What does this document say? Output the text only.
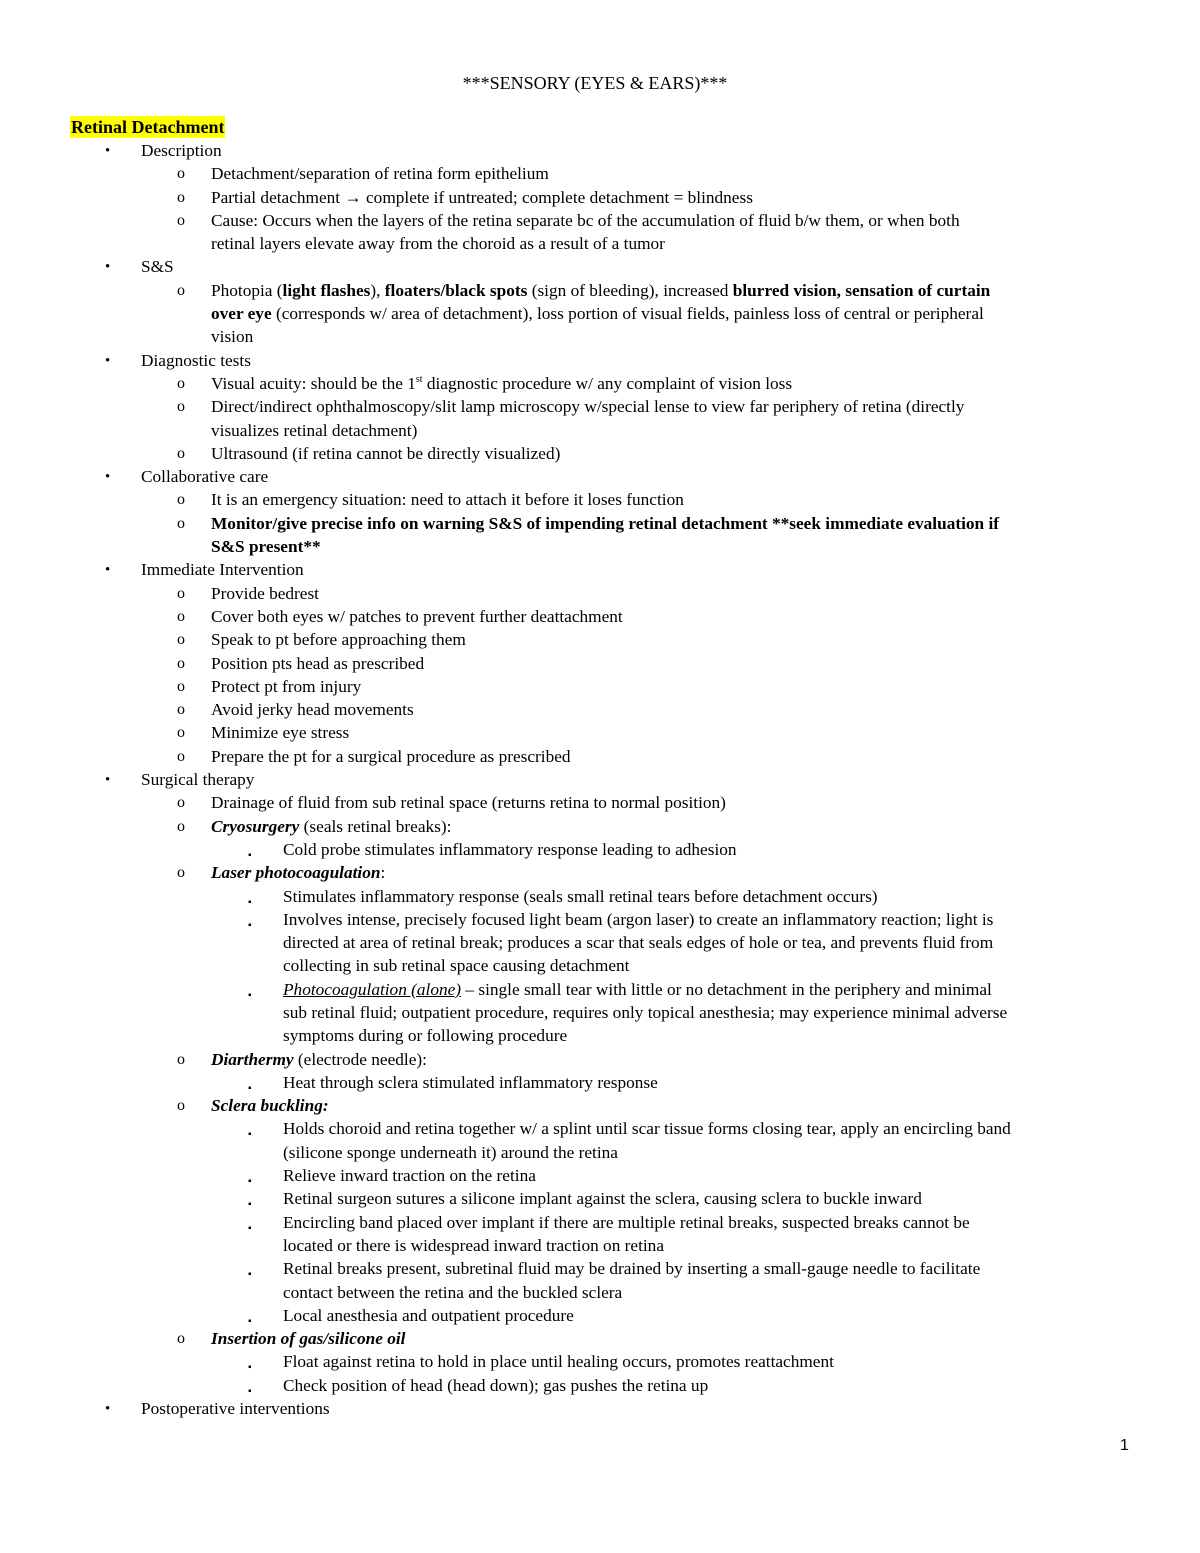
***SENSORY (EYES & EARS)***
Retinal Detachment
• Description
o Detachment/separation of retina form epithelium
o Partial detachment → complete if untreated; complete detachment = blindness
o Cause: Occurs when the layers of the retina separate bc of the accumulation of fluid b/w them, or when both
retinal layers elevate away from the choroid as a result of a tumor
• S&S
o Photopia (light flashes), floaters/black spots (sign of bleeding), increased blurred vision, sensation of curtain
over eye (corresponds w/ area of detachment), loss portion of visual fields, painless loss of central or peripheral
vision
• Diagnostic tests
o Visual acuity: should be the 1st diagnostic procedure w/ any complaint of vision loss
o Direct/indirect ophthalmoscopy/slit lamp microscopy w/special lense to view far periphery of retina (directly
visualizes retinal detachment)
o Ultrasound (if retina cannot be directly visualized)
• Collaborative care
o It is an emergency situation: need to attach it before it loses function
o Monitor/give precise info on warning S&S of impending retinal detachment **seek immediate evaluation if
S&S present**
• Immediate Intervention
o Provide bedrest
o Cover both eyes w/ patches to prevent further deattachment
o Speak to pt before approaching them
o Position pts head as prescribed
o Protect pt from injury
o Avoid jerky head movements
o Minimize eye stress
o Prepare the pt for a surgical procedure as prescribed
• Surgical therapy
o Drainage of fluid from sub retinal space (returns retina to normal position)
o Cryosurgery (seals retinal breaks):
▪ Cold probe stimulates inflammatory response leading to adhesion
o Laser photocoagulation:
▪ Stimulates inflammatory response (seals small retinal tears before detachment occurs)
▪ Involves intense, precisely focused light beam (argon laser) to create an inflammatory reaction; light is
directed at area of retinal break; produces a scar that seals edges of hole or tea, and prevents fluid from
collecting in sub retinal space causing detachment
▪ Photocoagulation (alone) – single small tear with little or no detachment in the periphery and minimal
sub retinal fluid; outpatient procedure, requires only topical anesthesia; may experience minimal adverse
symptoms during or following procedure
o Diarthermy (electrode needle):
▪ Heat through sclera stimulated inflammatory response
o Sclera buckling:
▪ Holds choroid and retina together w/ a splint until scar tissue forms closing tear, apply an encircling band
(silicone sponge underneath it) around the retina
▪ Relieve inward traction on the retina
▪ Retinal surgeon sutures a silicone implant against the sclera, causing sclera to buckle inward
▪ Encircling band placed over implant if there are multiple retinal breaks, suspected breaks cannot be
located or there is widespread inward traction on retina
▪ Retinal breaks present, subretinal fluid may be drained by inserting a small-gauge needle to facilitate
contact between the retina and the buckled sclera
▪ Local anesthesia and outpatient procedure
o Insertion of gas/silicone oil
▪ Float against retina to hold in place until healing occurs, promotes reattachment
▪ Check position of head (head down); gas pushes the retina up
• Postoperative interventions
1
